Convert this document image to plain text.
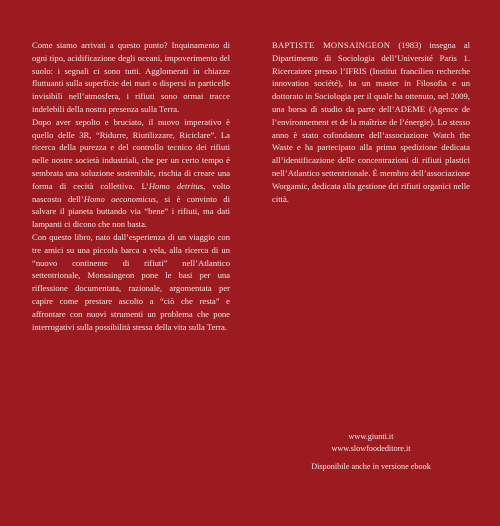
Come siamo arrivati a questo punto? Inquinamento di ogni tipo, acidificazione degli oceani, impoverimento del suolo: i segnali ci sono tutti. Agglomerati in chiazze fluttuanti sulla superficie dei mari o dispersi in particelle invisibili nell’atmosfera, i rifiuti sono ormai tracce indelebili della nostra presenza sulla Terra.

Dopo aver sepolto e bruciato, il nuovo imperativo è quello delle 3R, “Ridurre, Riutilizzare, Riciclare”. La ricerca della purezza e del controllo tecnico dei rifiuti nelle nostre società industriali, che per un certo tempo è sembrata una soluzione sostenibile, rischia di creare una forma di cecità collettiva. L’Homo detritus, volto nascosto dell’Homo oeconomicus, si è convinto di salvare il pianeta buttando via “bene” i rifiuti, ma dati lampanti ci dicono che non basta.

Con questo libro, nato dall’esperienza di un viaggio con tre amici su una piccola barca a vela, alla ricerca di un “nuovo continente di rifiuti” nell’Atlantico settentrionale, Monsaingeon pone le basi per una riflessione documentata, razionale, argomentata per capire come prestare ascolto a “ciò che resta” e affrontare con nuovi strumenti un problema che pone interrogativi sulla possibilità stessa della vita sulla Terra.

BAPTISTE MONSAINGEON (1983) insegna al Dipartimento di Sociologia dell’Université Paris 1. Ricercatore presso l’IFRIS (Institut francilien recherche innovation société), ha un master in Filosofia e un dottorato in Sociologia per il quale ha ottenuto, nel 2009, una borsa di studio da parte dell’ADEME (Agence de l’environnement et de la maîtrise de l’énergie). Lo stesso anno è stato cofondatore dell’associazione Watch the Waste e ha partecipato alla prima spedizione dedicata all’identificazione delle concentrazioni di rifiuti plastici nell’Atlantico settentrionale. È membro dell’associazione Worgamic, dedicata alla gestione dei rifiuti organici nelle città.

www.giunti.it
www.slowfoodeditore.it
Disponibile anche in versione ebook
